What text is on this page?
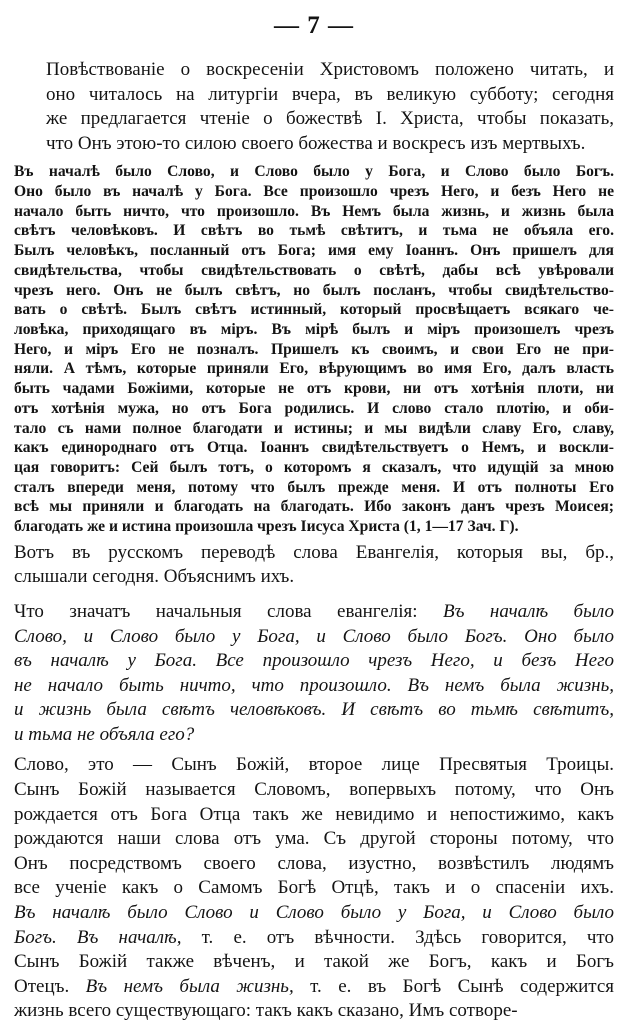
— 7 —

Повѣствованіе о воскресеніи Христовомъ положено читать, и
оно читалось на литургіи вчера, въ великую субботу; сегодня
же предлагается чтеніе о божествѣ I. Христа, чтобы показать,
что Онъ этою-то силою своего божества и воскресъ изъ мертвыхъ.

Въ началѣ было Слово, и Слово было у Бога, и Слово было Богъ.
Оно было въ началѣ у Бога. Все произошло чрезъ Него, и безъ Него не
начало быть ничто, что произошло. Въ Немъ была жизнь, и жизнь была
свѣтъ человѣковъ. И свѣтъ во тьмѣ свѣтитъ, и тьма не объяла его.
Былъ человѣкъ, посланный отъ Бога; имя ему Іоаннъ. Онъ пришелъ для
свидѣтельства, чтобы свидѣтельствовать о свѣтѣ, дабы всѣ увѣровали
чрезъ него. Онъ не былъ свѣтъ, но былъ посланъ, чтобы свидѣтельство-
вать о свѣтѣ. Былъ свѣтъ истинный, который просвѣщаетъ всякаго че-
ловѣка, приходящаго въ міръ. Въ мірѣ былъ и міръ произошелъ чрезъ
Него, и міръ Его не позналъ. Пришелъ къ своимъ, и свои Его не при-
няли. А тѣмъ, которые приняли Его, вѣрующимъ во имя Его, далъ власть
быть чадами Божіими, которые не отъ крови, ни отъ хотѣнія плоти, ни
отъ хотѣнія мужа, но отъ Бога родились. И слово стало плотію, и оби-
тало съ нами полное благодати и истины; и мы видѣли славу Его, славу,
какъ единороднаго отъ Отца. Іоаннъ свидѣтельствуетъ о Немъ, и воскли-
цая говоритъ: Сей былъ тотъ, о которомъ я сказалъ, что идущій за мною
сталъ впереди меня, потому что былъ прежде меня. И отъ полноты Его
всѣ мы приняли и благодать на благодать. Ибо законъ данъ чрезъ Моисея;
благодать же и истина произошла чрезъ Іисуса Христа (1, 1—17 Зач. Г).

Вотъ въ русскомъ переводѣ слова Евангелія, которыя вы, бр.,
слышали сегодня. Объяснимъ ихъ.

Что значатъ начальныя слова евангелія: Въ началѣ было
Слово, и Слово было у Бога, и Слово было Богъ. Оно было
въ началѣ у Бога. Все произошло чрезъ Него, и безъ Него
не начало быть ничто, что произошло. Въ немъ была жизнь,
и жизнь была свѣтъ человѣковъ. И свѣтъ во тьмѣ свѣтитъ,
и тьма не объяла его?

Слово, это — Сынъ Божій, второе лице Пресвятыя Троицы.
Сынъ Божій называется Словомъ, вопервыхъ потому, что Онъ
рождается отъ Бога Отца такъ же невидимо и непостижимо, какъ
рождаются наши слова отъ ума. Съ другой стороны потому, что
Онъ посредствомъ своего слова, изустно, возвѣстилъ людямъ
все ученіе какъ о Самомъ Богѣ Отцѣ, такъ и о спасеніи ихъ.
Въ началѣ было Слово и Слово было у Бога, и Слово было
Богъ. Въ началѣ, т. е. отъ вѣчности. Здѣсь говорится, что
Сынъ Божій также вѣченъ, и такой же Богъ, какъ и Богъ
Отецъ. Въ немъ была жизнь, т. е. въ Богѣ Сынѣ содержится
жизнь всего существующаго: такъ какъ сказано, Имъ сотворе-
